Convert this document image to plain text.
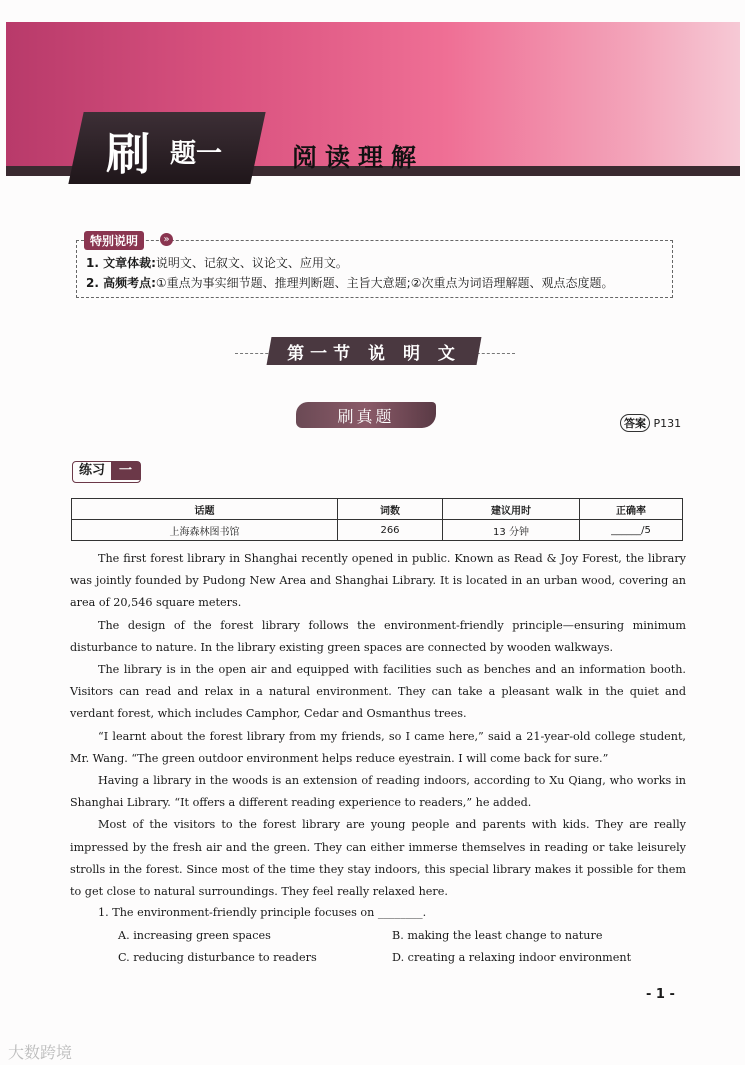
刷 题一	阅读理解
特别说明	»
1. 文章体裁:说明文、记叙文、议论文、应用文。
2. 高频考点:①重点为事实细节题、推理判断题、主旨大意题;②次重点为词语理解题、观点态度题。
第一节 说 明 文
刷真题	答案 P131
练习 一
话题	词数	建议用时	正确率
上海森林图书馆	266	13 分钟	______/5

The first forest library in Shanghai recently opened in public. Known as Read & Joy Forest, the library was jointly founded by Pudong New Area and Shanghai Library. It is located in an urban wood, covering an area of 20,546 square meters.

The design of the forest library follows the environment-friendly principle—ensuring minimum disturbance to nature. In the library existing green spaces are connected by wooden walkways.

The library is in the open air and equipped with facilities such as benches and an information booth. Visitors can read and relax in a natural environment. They can take a pleasant walk in the quiet and verdant forest, which includes Camphor, Cedar and Osmanthus trees.

“I learnt about the forest library from my friends, so I came here,” said a 21-year-old college student, Mr. Wang. “The green outdoor environment helps reduce eyestrain. I will come back for sure.”

Having a library in the woods is an extension of reading indoors, according to Xu Qiang, who works in Shanghai Library. “It offers a different reading experience to readers,” he added.

Most of the visitors to the forest library are young people and parents with kids. They are really impressed by the fresh air and the green. They can either immerse themselves in reading or take leisurely strolls in the forest. Since most of the time they stay indoors, this special library makes it possible for them to get close to natural surroundings. They feel really relaxed here.

1. The environment-friendly principle focuses on ________.
A. increasing green spaces	B. making the least change to nature
C. reducing disturbance to readers	D. creating a relaxing indoor environment
- 1 -
大数跨境
